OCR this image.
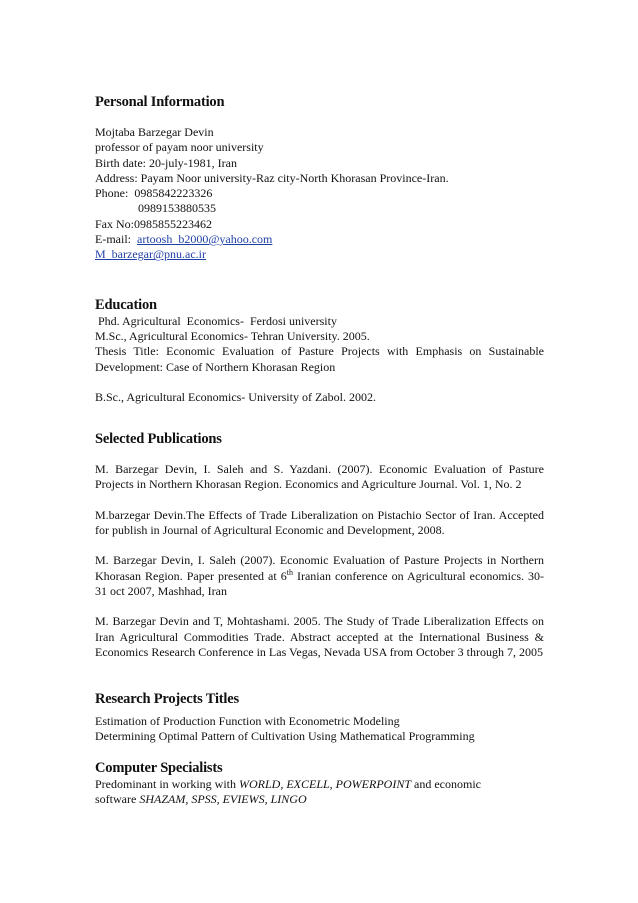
Personal Information

Mojtaba Barzegar Devin

professor of payam noor university

Birth date: 20-july-1981, Iran

Address: Payam Noor university-Raz city-North Khorasan Province-Iran.

Phone: 0985842223326

0989153880535

Fax No:0985855223462

E-mail: artoosh_b2000@yahoo.com

M_barzegar@pnu.ac.ir

Education

Phd. Agricultural  Economics-  Ferdosi university

M.Sc., Agricultural Economics- Tehran University. 2005.

Thesis Title: Economic Evaluation of Pasture Projects with Emphasis on Sustainable Development: Case of Northern Khorasan Region

B.Sc., Agricultural Economics- University of Zabol. 2002.

Selected Publications

M. Barzegar Devin, I. Saleh and S. Yazdani. (2007). Economic Evaluation of Pasture Projects in Northern Khorasan Region. Economics and Agriculture Journal. Vol. 1, No. 2

M.barzegar Devin.The Effects of Trade Liberalization on Pistachio Sector of Iran. Accepted for publish in Journal of Agricultural Economic and Development, 2008.

M. Barzegar Devin, I. Saleh (2007). Economic Evaluation of Pasture Projects in Northern Khorasan Region. Paper presented at 6th Iranian conference on Agricultural economics. 30-31 oct 2007, Mashhad, Iran

M. Barzegar Devin and T, Mohtashami. 2005. The Study of Trade Liberalization Effects on Iran Agricultural Commodities Trade. Abstract accepted at the International Business & Economics Research Conference in Las Vegas, Nevada USA from October 3 through 7, 2005

Research Projects Titles

Estimation of Production Function with Econometric Modeling

Determining Optimal Pattern of Cultivation Using Mathematical Programming

Computer Specialists

Predominant in working with WORLD, EXCELL, POWERPOINT and economic

software SHAZAM, SPSS, EVIEWS, LINGO
